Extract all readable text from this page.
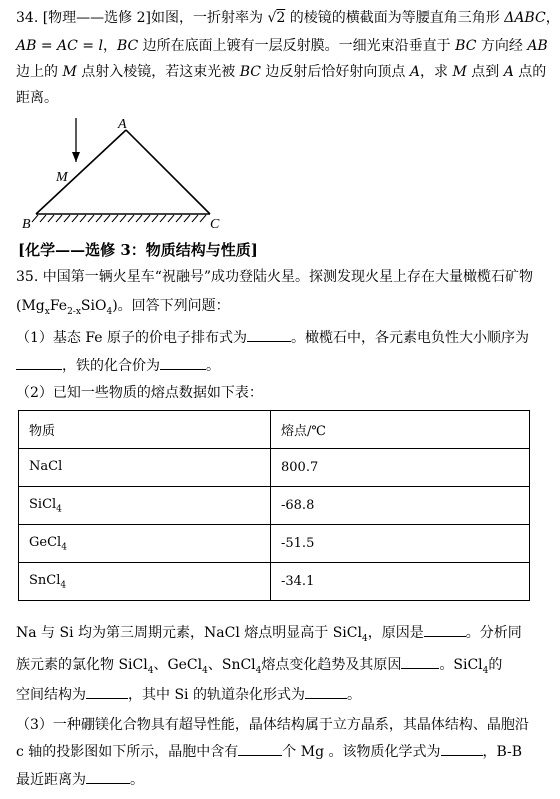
34. [物理——选修 2]如图，一折射率为 √2 的棱镜的横截面为等腰直角三角形 ΔABC，
AB = AC = l，BC 边所在底面上镀有一层反射膜。一细光束沿垂直于 BC 方向经 AB
边上的 M 点射入棱镜，若这束光被 BC 边反射后恰好射向顶点 A，求 M 点到 A 点的
距离。
A
M
B	C
[化学——选修 3：物质结构与性质]
35. 中国第一辆火星车“祝融号”成功登陆火星。探测发现火星上存在大量橄榄石矿物
$(Mg_xFe_{2-x}SiO_4)$。回答下列问题：
（1）基态 Fe 原子的价电子排布式为	。橄榄石中，各元素电负性大小顺序为
，铁的化合价为	。
（2）已知一些物质的熔点数据如下表：
物质	熔点/℃
NaCl	800.7
SiCl$_4$	-68.8
GeCl$_4$	-51.5
SnCl$_4$	-34.1
Na 与 Si 均为第三周期元素，NaCl 熔点明显高于 SiCl$_4$，原因是	。分析同
族元素的氯化物 SiCl$_4$、GeCl$_4$、SnCl$_4$熔点变化趋势及其原因	。SiCl$_4$的
空间结构为	，其中 Si 的轨道杂化形式为	。
（3）一种硼镁化合物具有超导性能，晶体结构属于立方晶系，其晶体结构、晶胞沿
c 轴的投影图如下所示，晶胞中含有	个 Mg 。该物质化学式为	，B-B
最近距离为	。
